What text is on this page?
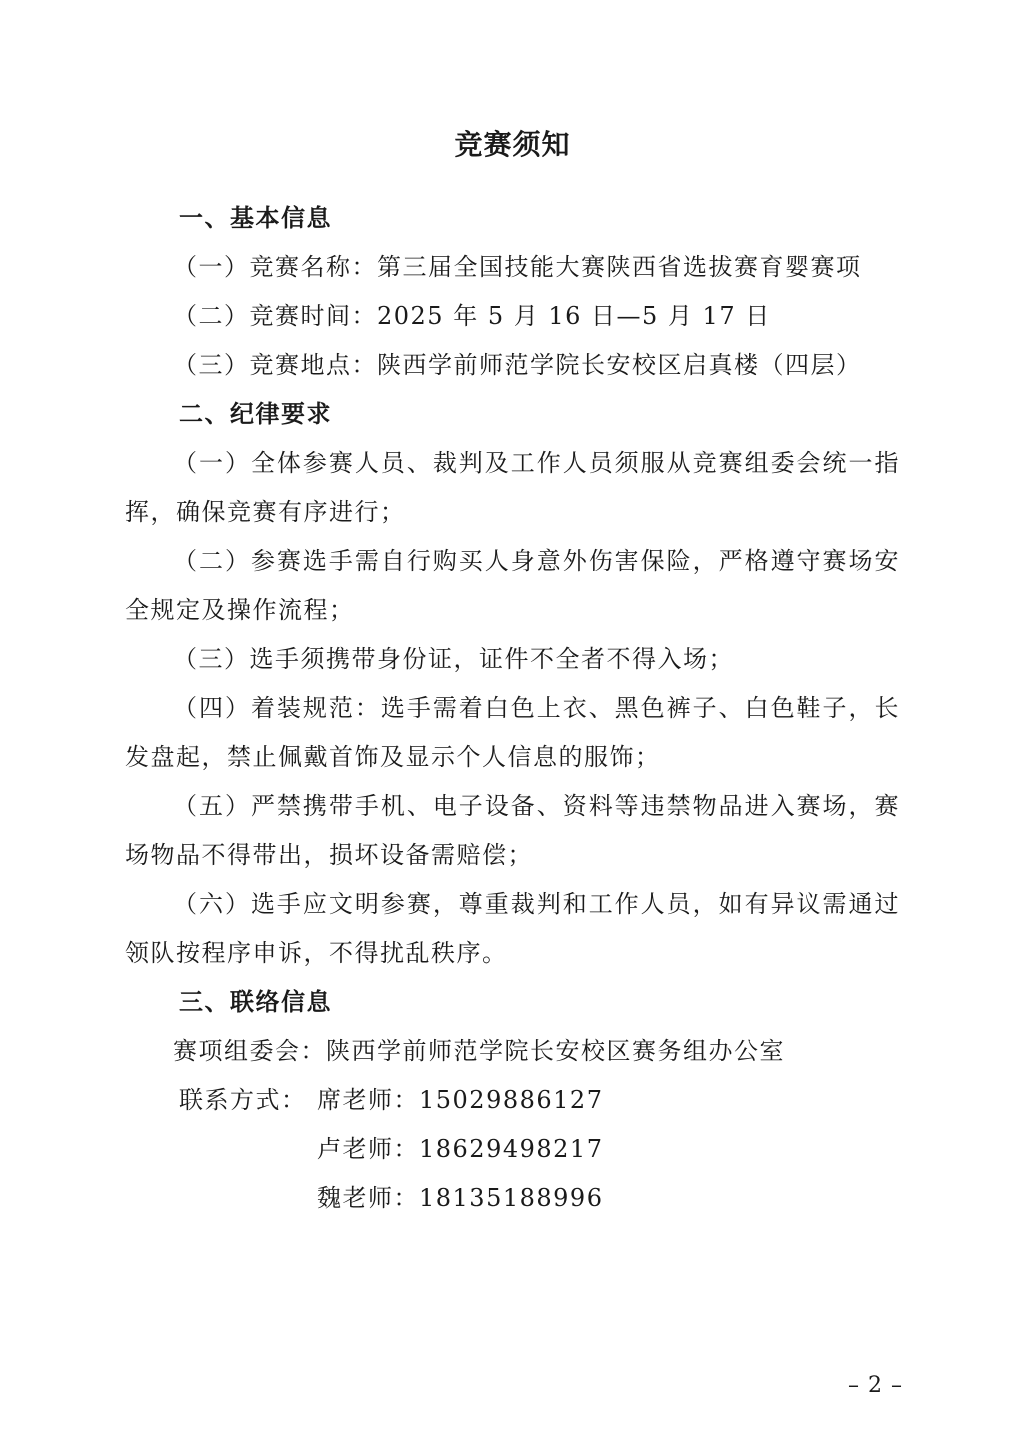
竞赛须知

一、基本信息

（一）竞赛名称：第三届全国技能大赛陕西省选拔赛育婴赛项

（二）竞赛时间：2025 年 5 月 16 日—5 月 17 日

（三）竞赛地点：陕西学前师范学院长安校区启真楼（四层）

二、纪律要求

（一）全体参赛人员、裁判及工作人员须服从竞赛组委会统一指挥，确保竞赛有序进行；

（二）参赛选手需自行购买人身意外伤害保险，严格遵守赛场安全规定及操作流程；

（三）选手须携带身份证，证件不全者不得入场；

（四）着装规范：选手需着白色上衣、黑色裤子、白色鞋子，长发盘起，禁止佩戴首饰及显示个人信息的服饰；

（五）严禁携带手机、电子设备、资料等违禁物品进入赛场，赛场物品不得带出，损坏设备需赔偿；

（六）选手应文明参赛，尊重裁判和工作人员，如有异议需通过领队按程序申诉，不得扰乱秩序。

三、联络信息

赛项组委会：陕西学前师范学院长安校区赛务组办公室

联系方式： 席老师：15029886127

卢老师：18629498217

魏老师：18135188996

– 2 –
